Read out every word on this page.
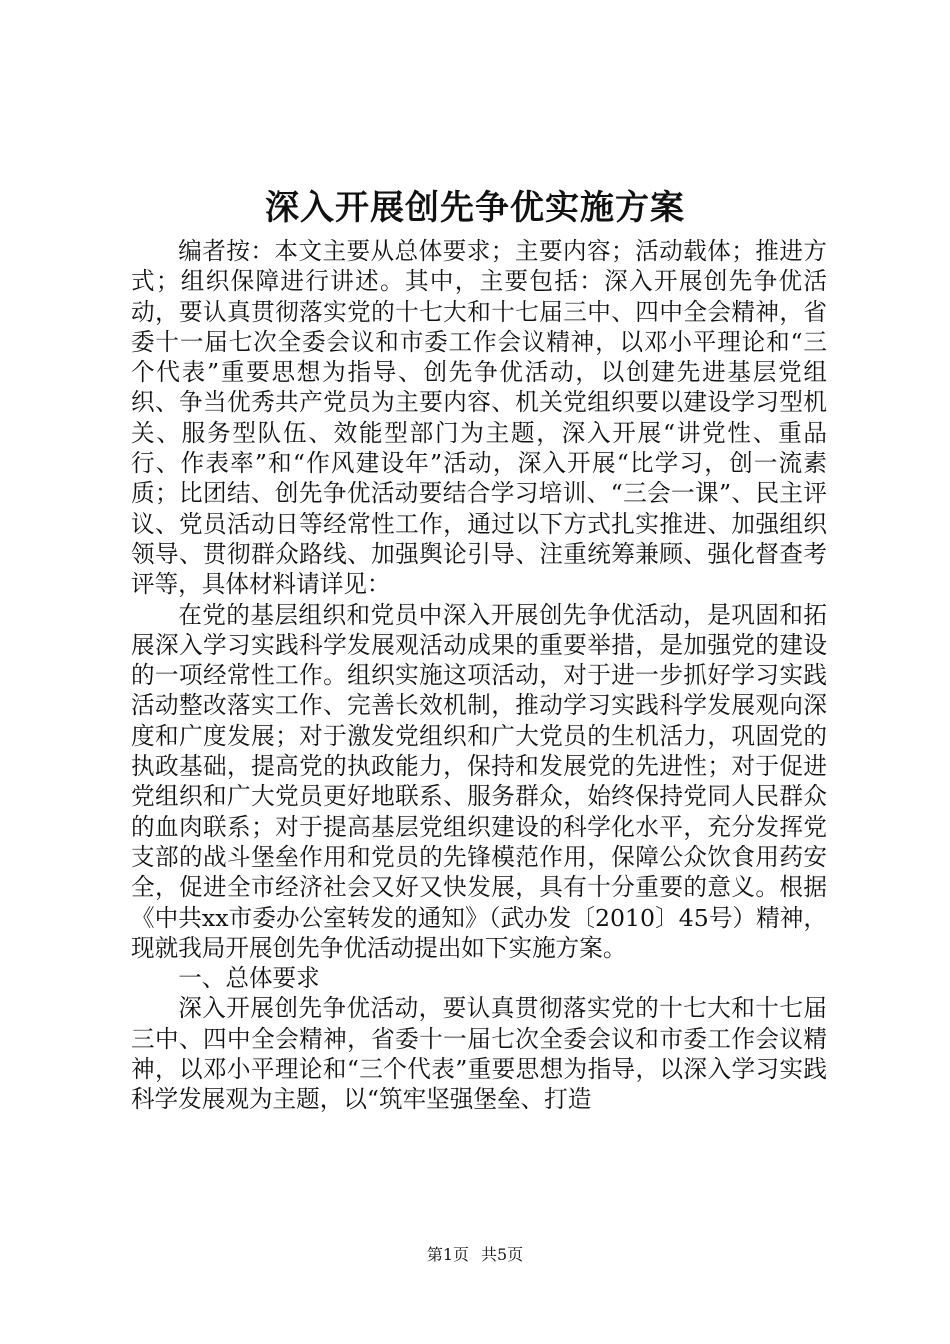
深入开展创先争优实施方案

编者按：本文主要从总体要求；主要内容；活动载体；推进方式；组织保障进行讲述。其中，主要包括：深入开展创先争优活动，要认真贯彻落实党的十七大和十七届三中、四中全会精神，省委十一届七次全委会议和市委工作会议精神，以邓小平理论和“三个代表”重要思想为指导、创先争优活动，以创建先进基层党组织、争当优秀共产党员为主要内容、机关党组织要以建设学习型机关、服务型队伍、效能型部门为主题，深入开展“讲党性、重品行、作表率”和“作风建设年”活动，深入开展“比学习，创一流素质；比团结、创先争优活动要结合学习培训、“三会一课”、民主评议、党员活动日等经常性工作，通过以下方式扎实推进、加强组织领导、贯彻群众路线、加强舆论引导、注重统筹兼顾、强化督查考评等，具体材料请详见：

在党的基层组织和党员中深入开展创先争优活动，是巩固和拓展深入学习实践科学发展观活动成果的重要举措，是加强党的建设的一项经常性工作。组织实施这项活动，对于进一步抓好学习实践活动整改落实工作、完善长效机制，推动学习实践科学发展观向深度和广度发展；对于激发党组织和广大党员的生机活力，巩固党的执政基础，提高党的执政能力，保持和发展党的先进性；对于促进党组织和广大党员更好地联系、服务群众，始终保持党同人民群众的血肉联系；对于提高基层党组织建设的科学化水平，充分发挥党支部的战斗堡垒作用和党员的先锋模范作用，保障公众饮食用药安全，促进全市经济社会又好又快发展，具有十分重要的意义。根据《中共xx市委办公室转发的通知》（武办发〔2010〕45号）精神，现就我局开展创先争优活动提出如下实施方案。

一、总体要求

深入开展创先争优活动，要认真贯彻落实党的十七大和十七届三中、四中全会精神，省委十一届七次全委会议和市委工作会议精神，以邓小平理论和“三个代表”重要思想为指导，以深入学习实践科学发展观为主题，以“筑牢坚强堡垒、打造

第1页 共5页
